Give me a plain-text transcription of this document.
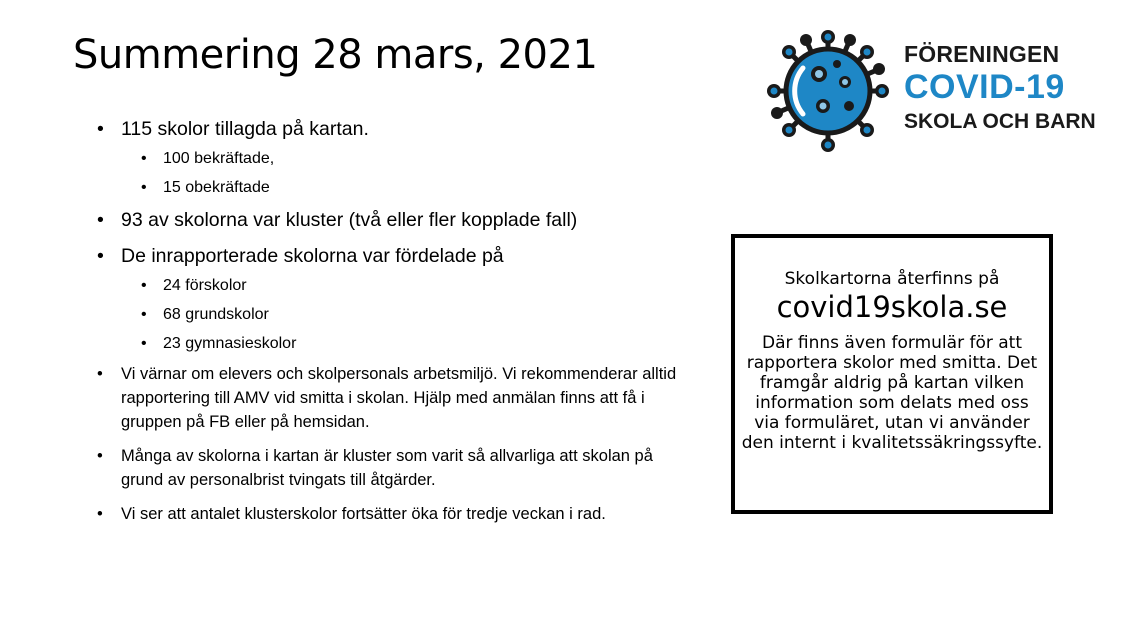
Summering 28 mars, 2021	FÖRENINGEN
COVID-19
SKOLA OCH BARN
• 115 skolor tillagda på kartan.
• 100 bekräftade,
• 15 obekräftade
• 93 av skolorna var kluster (två eller fler kopplade fall)
• De inrapporterade skolorna var fördelade på
• 24 förskolor
• 68 grundskolor
• 23 gymnasieskolor
• Vi värnar om elevers och skolpersonals arbetsmiljö. Vi rekommenderar alltid rapportering till AMV vid smitta i skolan. Hjälp med anmälan finns att få i gruppen på FB eller på hemsidan.
• Många av skolorna i kartan är kluster som varit så allvarliga att skolan på grund av personalbrist tvingats till åtgärder.
• Vi ser att antalet klusterskolor fortsätter öka för tredje veckan i rad.
Skolkartorna återfinns på
covid19skola.se
Där finns även formulär för att rapportera skolor med smitta. Det framgår aldrig på kartan vilken information som delats med oss via formuläret, utan vi använder den internt i kvalitetssäkringssyfte.
